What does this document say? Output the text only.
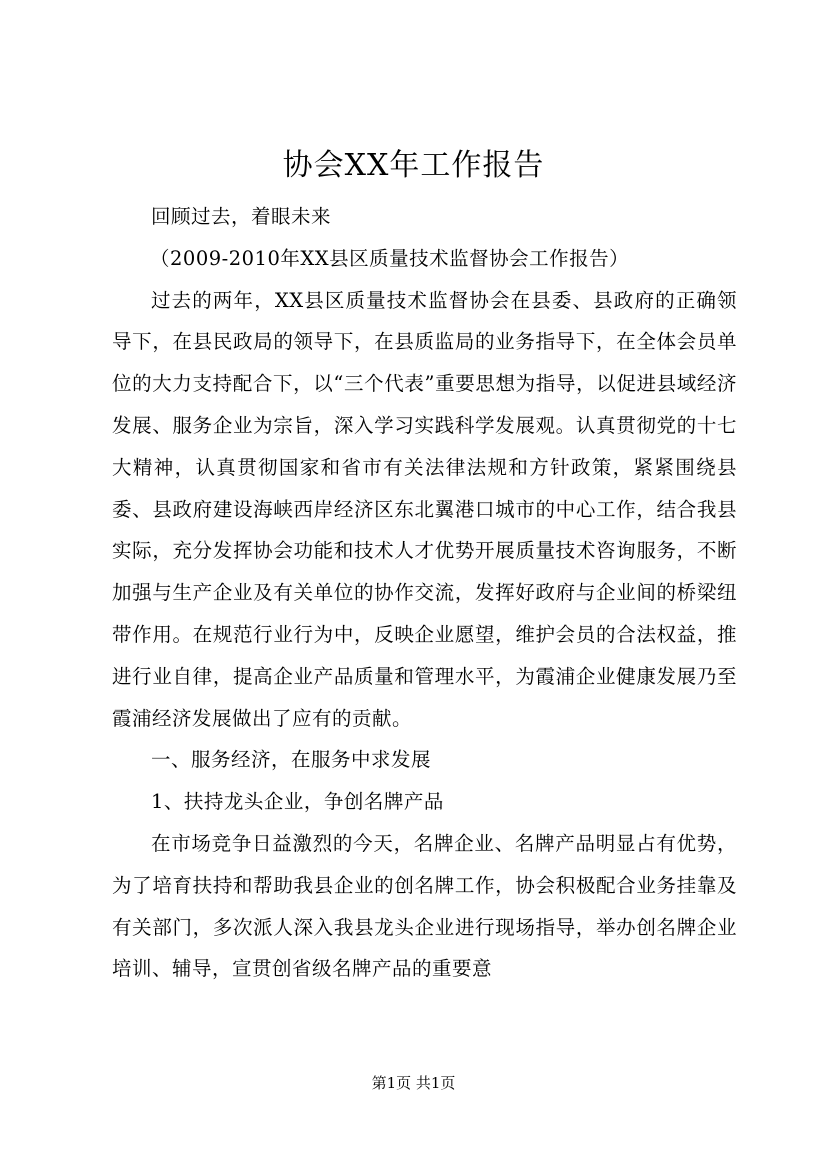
协会XX年工作报告

回顾过去，着眼未来

（2009-2010年XX县区质量技术监督协会工作报告）

过去的两年，XX县区质量技术监督协会在县委、县政府的正确领导下，在县民政局的领导下，在县质监局的业务指导下，在全体会员单位的大力支持配合下，以“三个代表”重要思想为指导，以促进县域经济发展、服务企业为宗旨，深入学习实践科学发展观。认真贯彻党的十七大精神，认真贯彻国家和省市有关法律法规和方针政策，紧紧围绕县委、县政府建设海峡西岸经济区东北翼港口城市的中心工作，结合我县实际，充分发挥协会功能和技术人才优势开展质量技术咨询服务，不断加强与生产企业及有关单位的协作交流，发挥好政府与企业间的桥梁纽带作用。在规范行业行为中，反映企业愿望，维护会员的合法权益，推进行业自律，提高企业产品质量和管理水平，为霞浦企业健康发展乃至霞浦经济发展做出了应有的贡献。

一、服务经济，在服务中求发展

1、扶持龙头企业，争创名牌产品

在市场竞争日益激烈的今天，名牌企业、名牌产品明显占有优势，为了培育扶持和帮助我县企业的创名牌工作，协会积极配合业务挂靠及有关部门，多次派人深入我县龙头企业进行现场指导，举办创名牌企业培训、辅导，宣贯创省级名牌产品的重要意

第1页 共1页
